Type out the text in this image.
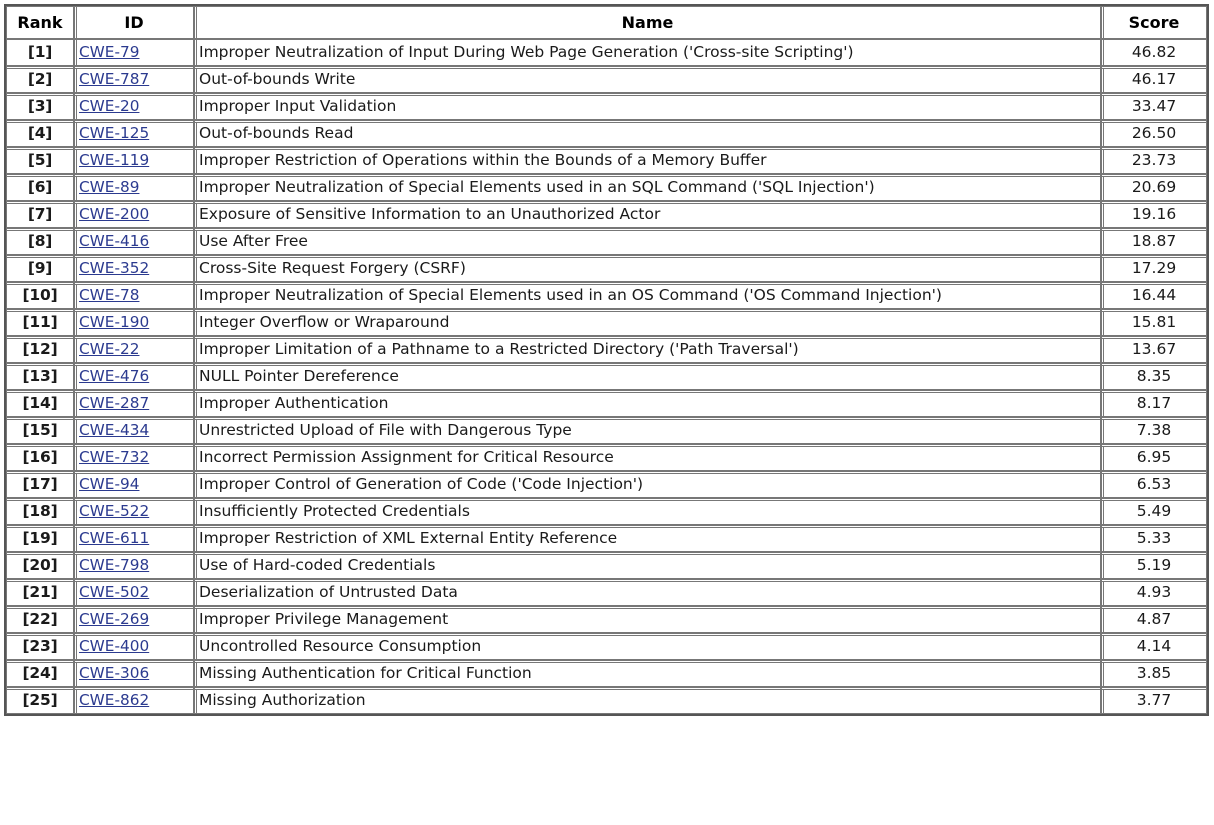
Rank	ID	Name	Score
[1]	CWE-79	Improper Neutralization of Input During Web Page Generation ('Cross-site Scripting')	46.82
[2]	CWE-787	Out-of-bounds Write	46.17
[3]	CWE-20	Improper Input Validation	33.47
[4]	CWE-125	Out-of-bounds Read	26.50
[5]	CWE-119	Improper Restriction of Operations within the Bounds of a Memory Buffer	23.73
[6]	CWE-89	Improper Neutralization of Special Elements used in an SQL Command ('SQL Injection')	20.69
[7]	CWE-200	Exposure of Sensitive Information to an Unauthorized Actor	19.16
[8]	CWE-416	Use After Free	18.87
[9]	CWE-352	Cross-Site Request Forgery (CSRF)	17.29
[10]	CWE-78	Improper Neutralization of Special Elements used in an OS Command ('OS Command Injection')	16.44
[11]	CWE-190	Integer Overflow or Wraparound	15.81
[12]	CWE-22	Improper Limitation of a Pathname to a Restricted Directory ('Path Traversal')	13.67
[13]	CWE-476	NULL Pointer Dereference	8.35
[14]	CWE-287	Improper Authentication	8.17
[15]	CWE-434	Unrestricted Upload of File with Dangerous Type	7.38
[16]	CWE-732	Incorrect Permission Assignment for Critical Resource	6.95
[17]	CWE-94	Improper Control of Generation of Code ('Code Injection')	6.53
[18]	CWE-522	Insufficiently Protected Credentials	5.49
[19]	CWE-611	Improper Restriction of XML External Entity Reference	5.33
[20]	CWE-798	Use of Hard-coded Credentials	5.19
[21]	CWE-502	Deserialization of Untrusted Data	4.93
[22]	CWE-269	Improper Privilege Management	4.87
[23]	CWE-400	Uncontrolled Resource Consumption	4.14
[24]	CWE-306	Missing Authentication for Critical Function	3.85
[25]	CWE-862	Missing Authorization	3.77
